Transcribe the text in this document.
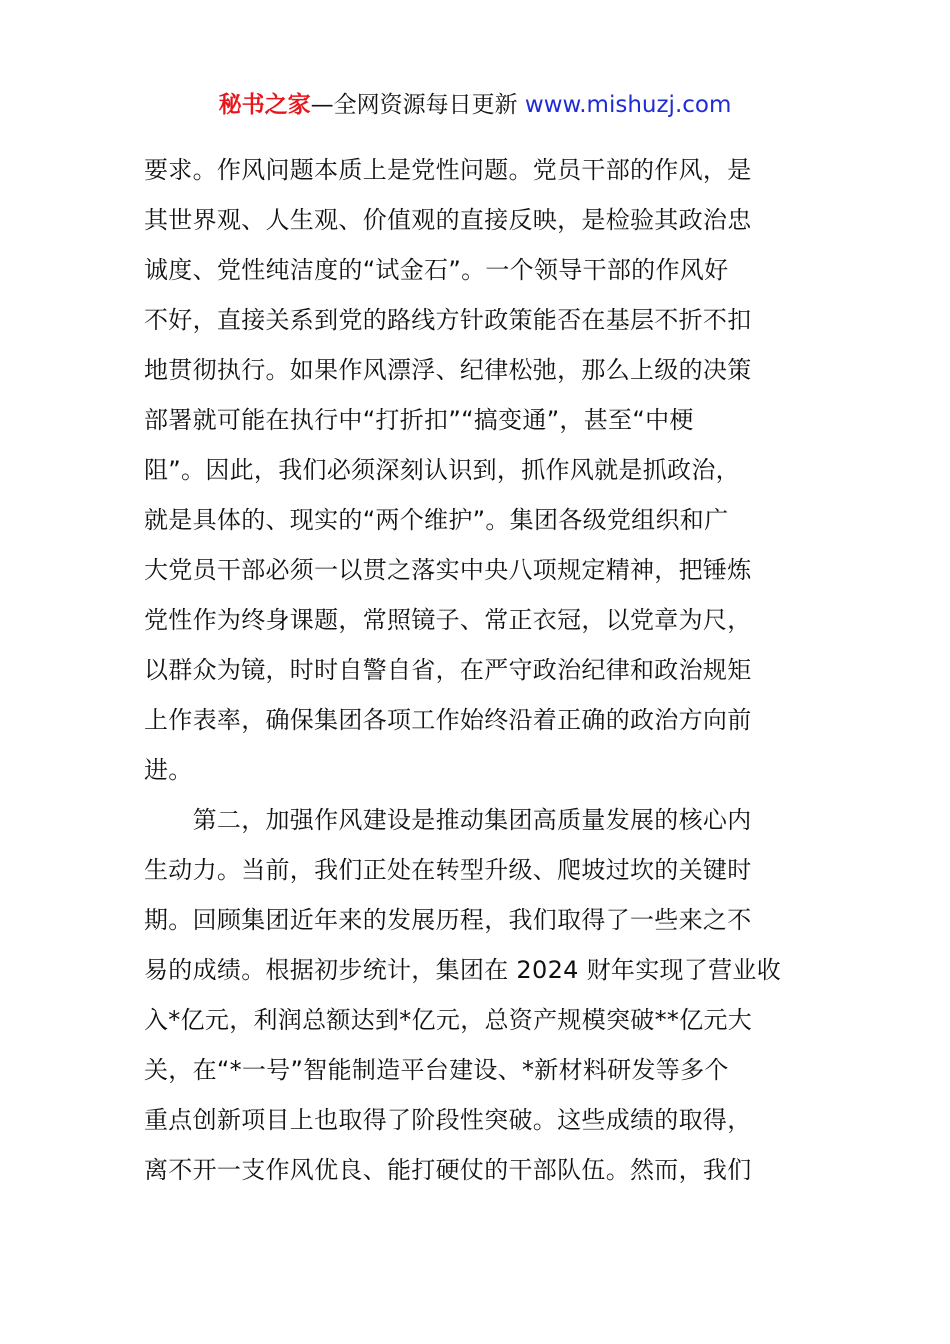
秘书之家—全网资源每日更新 www.mishuzj.com
要求。作风问题本质上是党性问题。党员干部的作风，是
其世界观、人生观、价值观的直接反映，是检验其政治忠
诚度、党性纯洁度的“试金石”。一个领导干部的作风好
不好，直接关系到党的路线方针政策能否在基层不折不扣
地贯彻执行。如果作风漂浮、纪律松弛，那么上级的决策
部署就可能在执行中“打折扣”“搞变通”，甚至“中梗
阻”。因此，我们必须深刻认识到，抓作风就是抓政治，
就是具体的、现实的“两个维护”。集团各级党组织和广
大党员干部必须一以贯之落实中央八项规定精神，把锤炼
党性作为终身课题，常照镜子、常正衣冠，以党章为尺，
以群众为镜，时时自警自省，在严守政治纪律和政治规矩
上作表率，确保集团各项工作始终沿着正确的政治方向前
进。
　　第二，加强作风建设是推动集团高质量发展的核心内
生动力。当前，我们正处在转型升级、爬坡过坎的关键时
期。回顾集团近年来的发展历程，我们取得了一些来之不
易的成绩。根据初步统计，集团在 2024 财年实现了营业收
入*亿元，利润总额达到*亿元，总资产规模突破**亿元大
关，在“*一号”智能制造平台建设、*新材料研发等多个
重点创新项目上也取得了阶段性突破。这些成绩的取得，
离不开一支作风优良、能打硬仗的干部队伍。然而，我们
